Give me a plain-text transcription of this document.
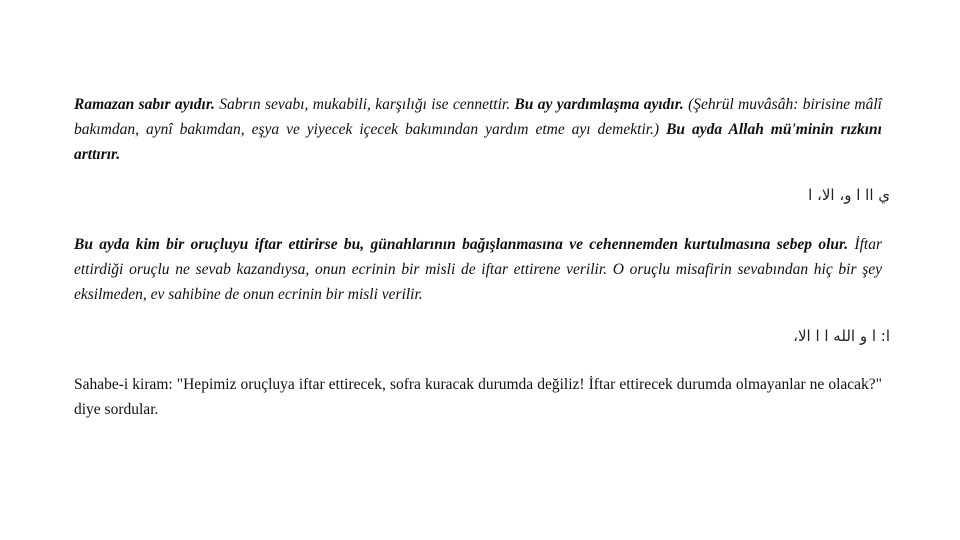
Ramazan sabır ayıdır. Sabrın sevabı, mukabili, karşılığı ise cennettir. Bu ay yardımlaşma ayıdır. (Şehrül muvâsâh: birisine mâlî bakımdan, aynî bakımdan, eşya ve yiyecek içecek bakımından yardım etme ayı demektir.) Bu ayda Allah mü'minin rızkını arttırır.

ي اا ا و، الا، ا

Bu ayda kim bir oruçluyu iftar ettirirse bu, günahlarının bağışlanmasına ve cehennemden kurtulmasına sebep olur. İftar ettirdiği oruçlu ne sevab kazandıysa, onun ecrinin bir misli de iftar ettirene verilir. O oruçlu misafirin sevabından hiç bir şey eksilmeden, ev sahibine de onun ecrinin bir misli verilir.

ا: ا و الله ا ا الا،

Sahabe-i kiram: "Hepimiz oruçluya iftar ettirecek, sofra kuracak durumda değiliz! İftar ettirecek durumda olmayanlar ne olacak?" diye sordular.
